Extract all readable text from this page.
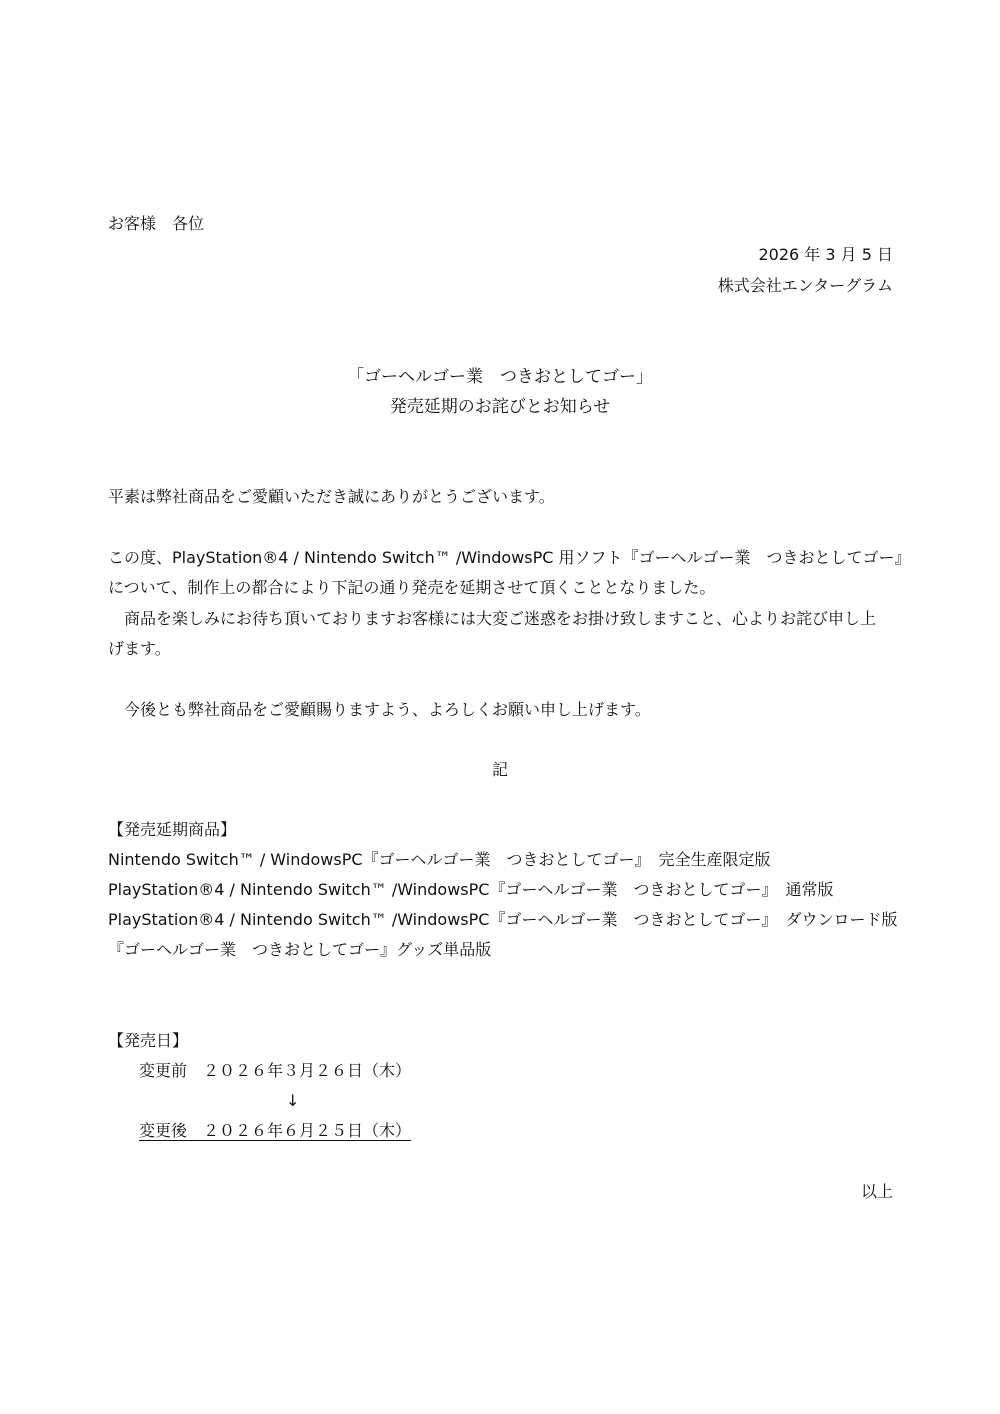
お客様　各位
2026 年 3 月 5 日
株式会社エンターグラム
「ゴーヘルゴー業　つきおとしてゴー」
発売延期のお詫びとお知らせ
平素は弊社商品をご愛顧いただき誠にありがとうございます。
この度、PlayStation®4 / Nintendo Switch™ /WindowsPC 用ソフト『ゴーヘルゴー業　つきおとしてゴー』
について、制作上の都合により下記の通り発売を延期させて頂くこととなりました。
　商品を楽しみにお待ち頂いておりますお客様には大変ご迷惑をお掛け致しますこと、心よりお詫び申し上
げます。
　今後とも弊社商品をご愛顧賜りますよう、よろしくお願い申し上げます。
記
【発売延期商品】
Nintendo Switch™ / WindowsPC『ゴーヘルゴー業　つきおとしてゴー』　完全生産限定版
PlayStation®4 / Nintendo Switch™ /WindowsPC『ゴーヘルゴー業　つきおとしてゴー』　通常版
PlayStation®4 / Nintendo Switch™ /WindowsPC『ゴーヘルゴー業　つきおとしてゴー』　ダウンロード版
『ゴーヘルゴー業　つきおとしてゴー』グッズ単品版
【発売日】
変更前　２０２６年３月２６日（木）
↓
変更後　２０２６年６月２５日（木）
以上
